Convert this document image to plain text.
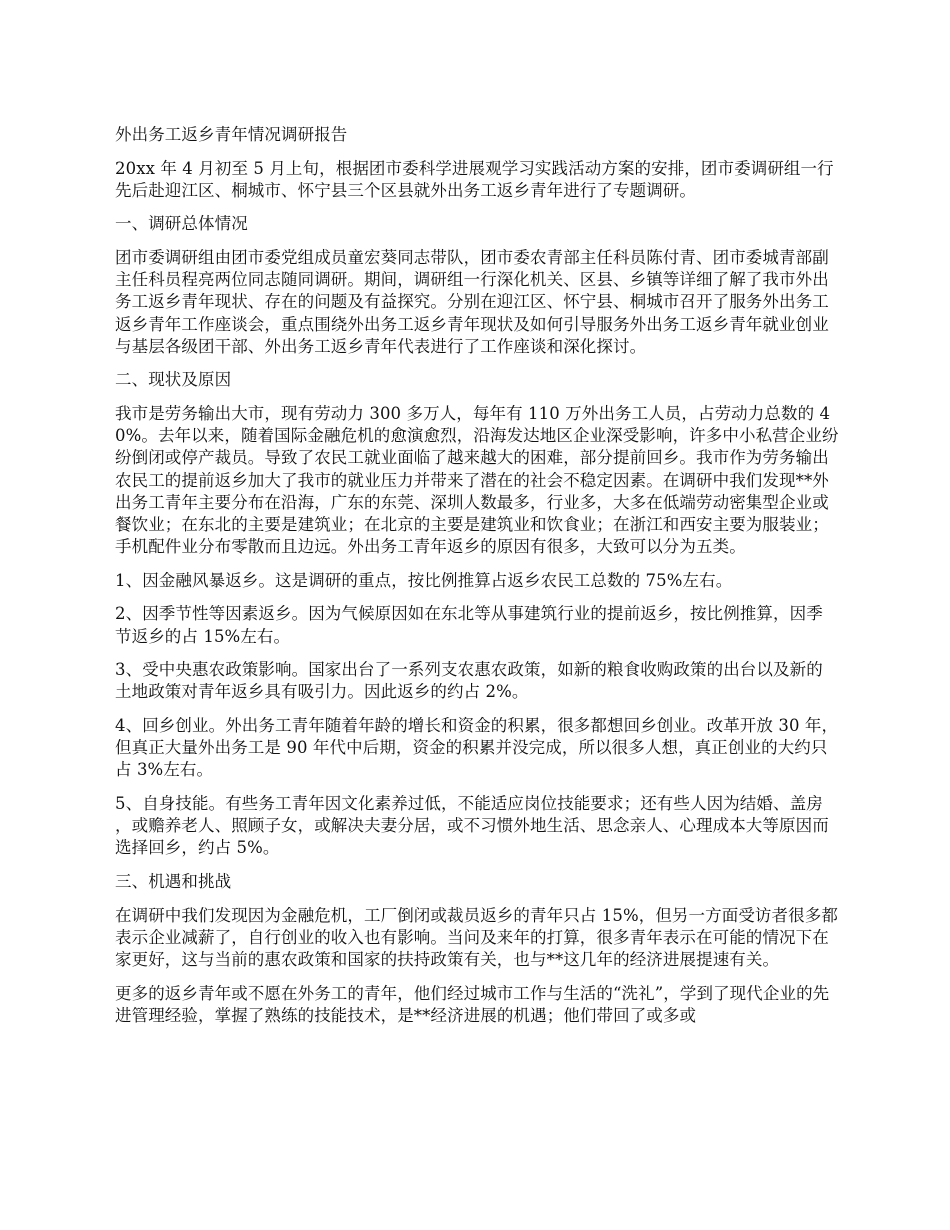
外出务工返乡青年情况调研报告

20xx 年 4 月初至 5 月上旬，根据团市委科学进展观学习实践活动方案的安排，团市委调研组一行先后赴迎江区、桐城市、怀宁县三个区县就外出务工返乡青年进行了专题调研。

一、调研总体情况

团市委调研组由团市委党组成员童宏葵同志带队，团市委农青部主任科员陈付青、团市委城青部副主任科员程亮两位同志随同调研。期间，调研组一行深化机关、区县、乡镇等详细了解了我市外出务工返乡青年现状、存在的问题及有益探究。分别在迎江区、怀宁县、桐城市召开了服务外出务工返乡青年工作座谈会，重点围绕外出务工返乡青年现状及如何引导服务外出务工返乡青年就业创业与基层各级团干部、外出务工返乡青年代表进行了工作座谈和深化探讨。

二、现状及原因

我市是劳务输出大市，现有劳动力 300 多万人，每年有 110 万外出务工人员，占劳动力总数的 40%。去年以来，随着国际金融危机的愈演愈烈，沿海发达地区企业深受影响，许多中小私营企业纷纷倒闭或停产裁员。导致了农民工就业面临了越来越大的困难，部分提前回乡。我市作为劳务输出农民工的提前返乡加大了我市的就业压力并带来了潜在的社会不稳定因素。在调研中我们发现**外出务工青年主要分布在沿海，广东的东莞、深圳人数最多，行业多，大多在低端劳动密集型企业或餐饮业；在东北的主要是建筑业；在北京的主要是建筑业和饮食业；在浙江和西安主要为服装业；手机配件业分布零散而且边远。外出务工青年返乡的原因有很多，大致可以分为五类。

1、因金融风暴返乡。这是调研的重点，按比例推算占返乡农民工总数的 75%左右。

2、因季节性等因素返乡。因为气候原因如在东北等从事建筑行业的提前返乡，按比例推算，因季节返乡的占 15%左右。

3、受中央惠农政策影响。国家出台了一系列支农惠农政策，如新的粮食收购政策的出台以及新的土地政策对青年返乡具有吸引力。因此返乡的约占 2%。

4、回乡创业。外出务工青年随着年龄的增长和资金的积累，很多都想回乡创业。改革开放 30 年，但真正大量外出务工是 90 年代中后期，资金的积累并没完成，所以很多人想，真正创业的大约只占 3%左右。

5、自身技能。有些务工青年因文化素养过低，不能适应岗位技能要求；还有些人因为结婚、盖房，或赡养老人、照顾子女，或解决夫妻分居，或不习惯外地生活、思念亲人、心理成本大等原因而选择回乡，约占 5%。

三、机遇和挑战

在调研中我们发现因为金融危机，工厂倒闭或裁员返乡的青年只占 15%，但另一方面受访者很多都表示企业减薪了，自行创业的收入也有影响。当问及来年的打算，很多青年表示在可能的情况下在家更好，这与当前的惠农政策和国家的扶持政策有关，也与**这几年的经济进展提速有关。

更多的返乡青年或不愿在外务工的青年，他们经过城市工作与生活的“洗礼”，学到了现代企业的先进管理经验，掌握了熟练的技能技术，是**经济进展的机遇；他们带回了或多或
